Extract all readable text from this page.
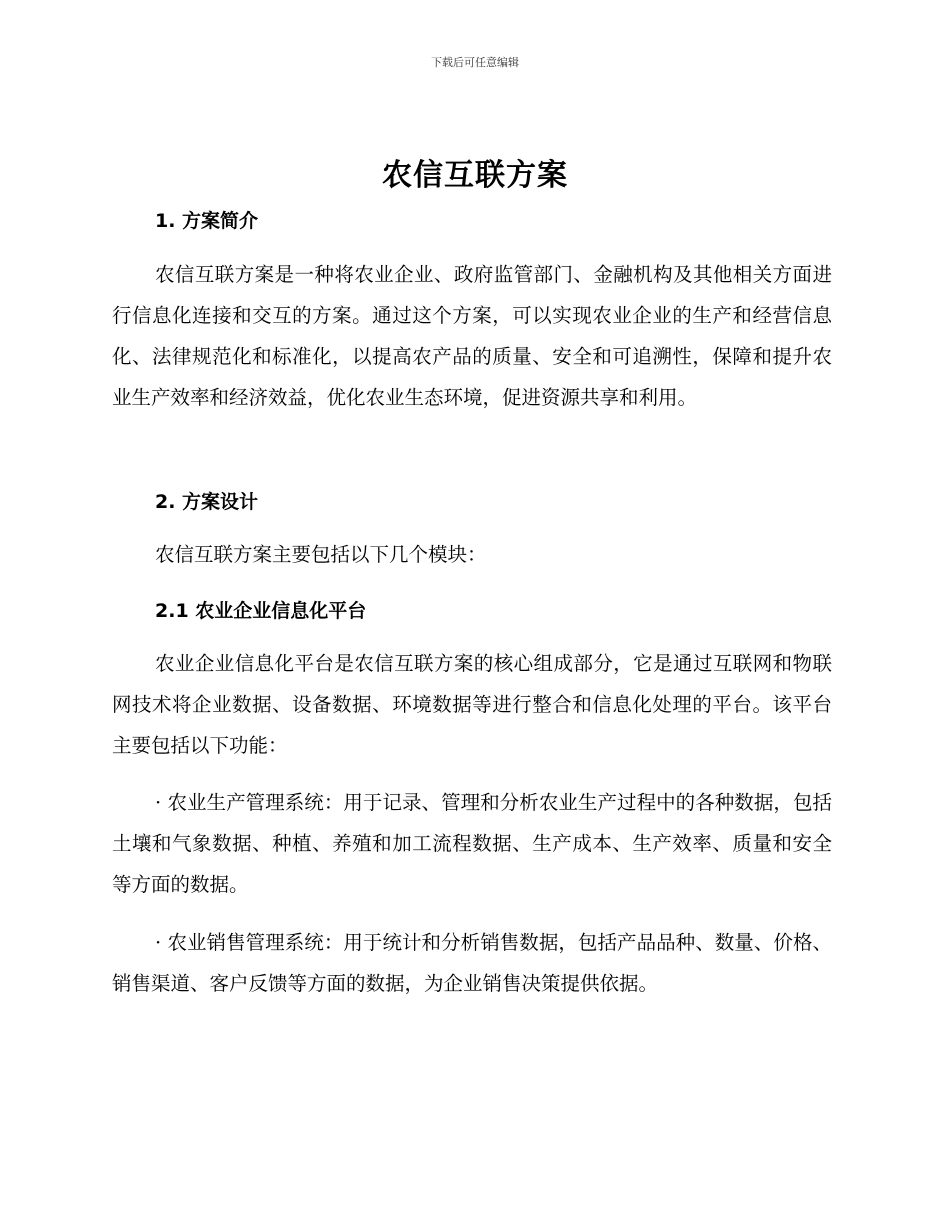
下载后可任意编辑
农信互联方案
1. 方案简介

农信互联方案是一种将农业企业、政府监管部门、金融机构及其他相关方面进行信息化连接和交互的方案。通过这个方案，可以实现农业企业的生产和经营信息化、法律规范化和标准化，以提高农产品的质量、安全和可追溯性，保障和提升农业生产效率和经济效益，优化农业生态环境，促进资源共享和利用。

2. 方案设计

农信互联方案主要包括以下几个模块：

2.1 农业企业信息化平台

农业企业信息化平台是农信互联方案的核心组成部分，它是通过互联网和物联网技术将企业数据、设备数据、环境数据等进行整合和信息化处理的平台。该平台主要包括以下功能：

· 农业生产管理系统：用于记录、管理和分析农业生产过程中的各种数据，包括土壤和气象数据、种植、养殖和加工流程数据、生产成本、生产效率、质量和安全等方面的数据。

· 农业销售管理系统：用于统计和分析销售数据，包括产品品种、数量、价格、销售渠道、客户反馈等方面的数据，为企业销售决策提供依据。
